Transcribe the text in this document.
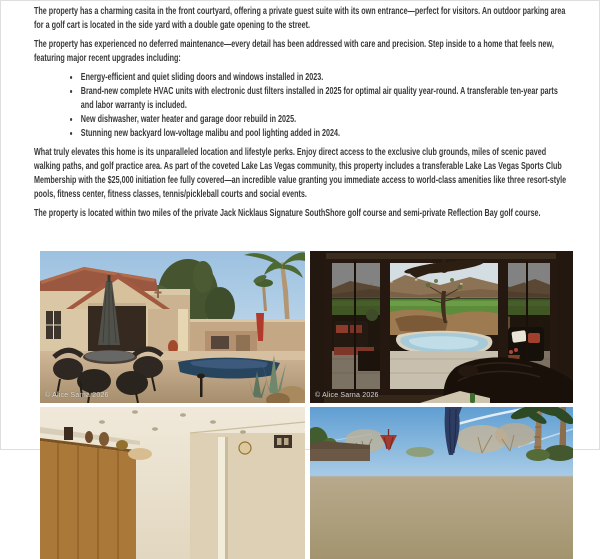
The property has a charming casita in the front courtyard, offering a private guest suite with its own entrance—perfect for visitors. An outdoor parking area for a golf cart is located in the side yard with a double gate opening to the street.

The property has experienced no deferred maintenance—every detail has been addressed with care and precision. Step inside to a home that feels new, featuring major recent upgrades including:

• Energy-efficient and quiet sliding doors and windows installed in 2023.
• Brand-new complete HVAC units with electronic dust filters installed in 2025 for optimal air quality year-round. A transferable ten-year parts and labor warranty is included.
• New dishwasher, water heater and garage door rebuild in 2025.
• Stunning new backyard low-voltage malibu and pool lighting added in 2024.

What truly elevates this home is its unparalleled location and lifestyle perks. Enjoy direct access to the exclusive club grounds, miles of scenic paved walking paths, and golf practice area. As part of the coveted Lake Las Vegas community, this property includes a transferable Lake Las Vegas Sports Club Membership with the $25,000 initiation fee fully covered—an incredible value granting you immediate access to world-class amenities like three resort-style pools, fitness center, fitness classes, tennis/pickleball courts and social events.

The property is located within two miles of the private Jack Nicklaus Signature SouthShore golf course and semi-private Reflection Bay golf course.

© Alice Sarna 2026	© Alice Sarna 2026
